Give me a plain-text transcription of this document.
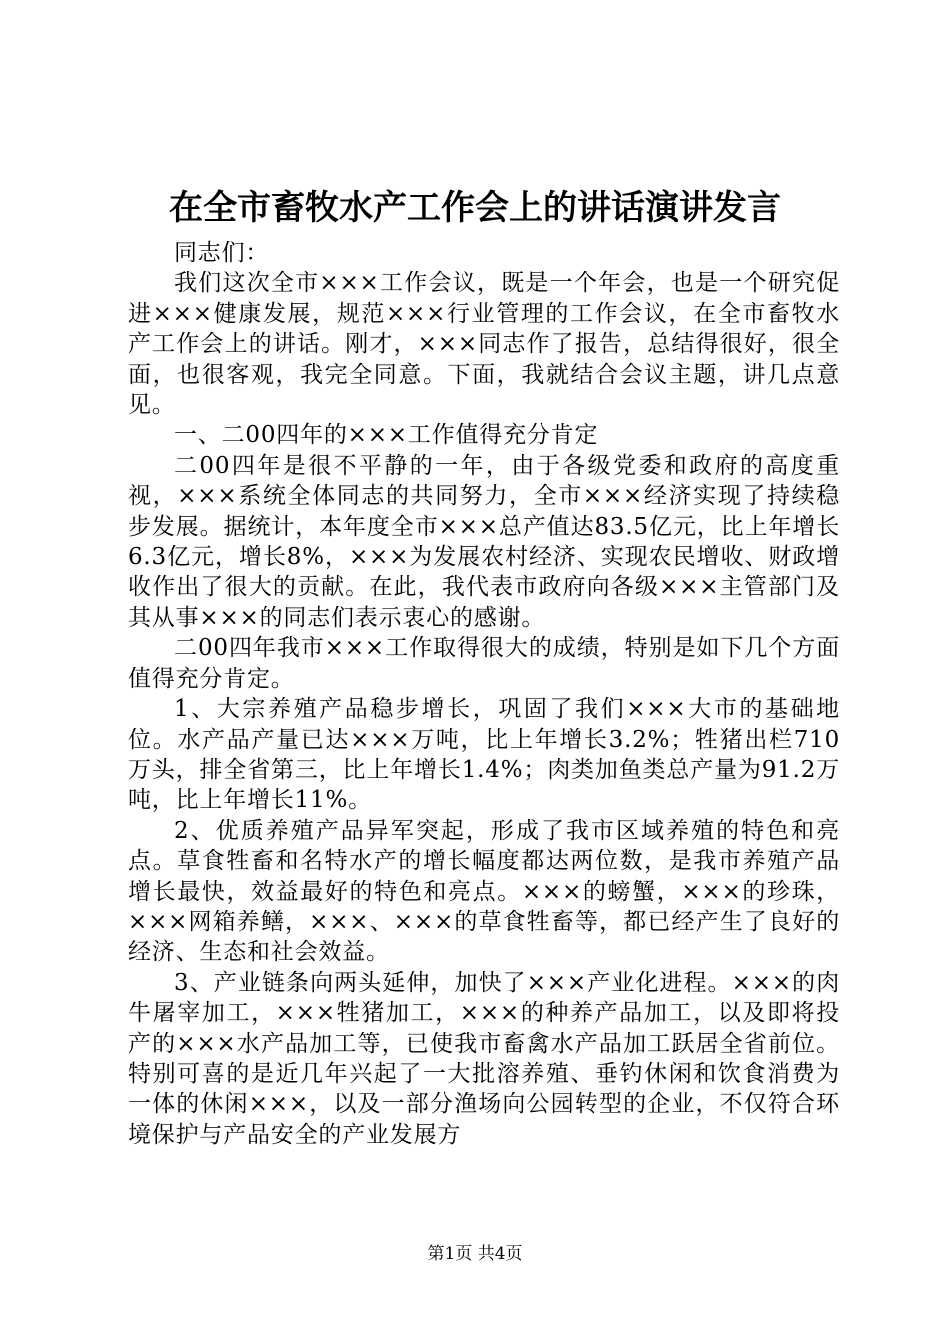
在全市畜牧水产工作会上的讲话演讲发言

同志们：

我们这次全市×××工作会议，既是一个年会，也是一个研究促进×××健康发展，规范×××行业管理的工作会议，在全市畜牧水产工作会上的讲话。刚才，×××同志作了报告，总结得很好，很全面，也很客观，我完全同意。下面，我就结合会议主题，讲几点意见。

一、二00四年的×××工作值得充分肯定

二00四年是很不平静的一年，由于各级党委和政府的高度重视，×××系统全体同志的共同努力，全市×××经济实现了持续稳步发展。据统计，本年度全市×××总产值达83.5亿元，比上年增长6.3亿元，增长8%，×××为发展农村经济、实现农民增收、财政增收作出了很大的贡献。在此，我代表市政府向各级×××主管部门及其从事×××的同志们表示衷心的感谢。

二00四年我市×××工作取得很大的成绩，特别是如下几个方面值得充分肯定。

1、大宗养殖产品稳步增长，巩固了我们×××大市的基础地位。水产品产量已达×××万吨，比上年增长3.2%；牲猪出栏710万头，排全省第三，比上年增长1.4%；肉类加鱼类总产量为91.2万吨，比上年增长11%。

2、优质养殖产品异军突起，形成了我市区域养殖的特色和亮点。草食牲畜和名特水产的增长幅度都达两位数，是我市养殖产品增长最快，效益最好的特色和亮点。×××的螃蟹，×××的珍珠，×××网箱养鳝，×××、×××的草食牲畜等，都已经产生了良好的经济、生态和社会效益。

3、产业链条向两头延伸，加快了×××产业化进程。×××的肉牛屠宰加工，×××牲猪加工，×××的种养产品加工，以及即将投产的×××水产品加工等，已使我市畜禽水产品加工跃居全省前位。特别可喜的是近几年兴起了一大批溶养殖、垂钓休闲和饮食消费为一体的休闲×××，以及一部分渔场向公园转型的企业，不仅符合环境保护与产品安全的产业发展方

第1页 共4页
